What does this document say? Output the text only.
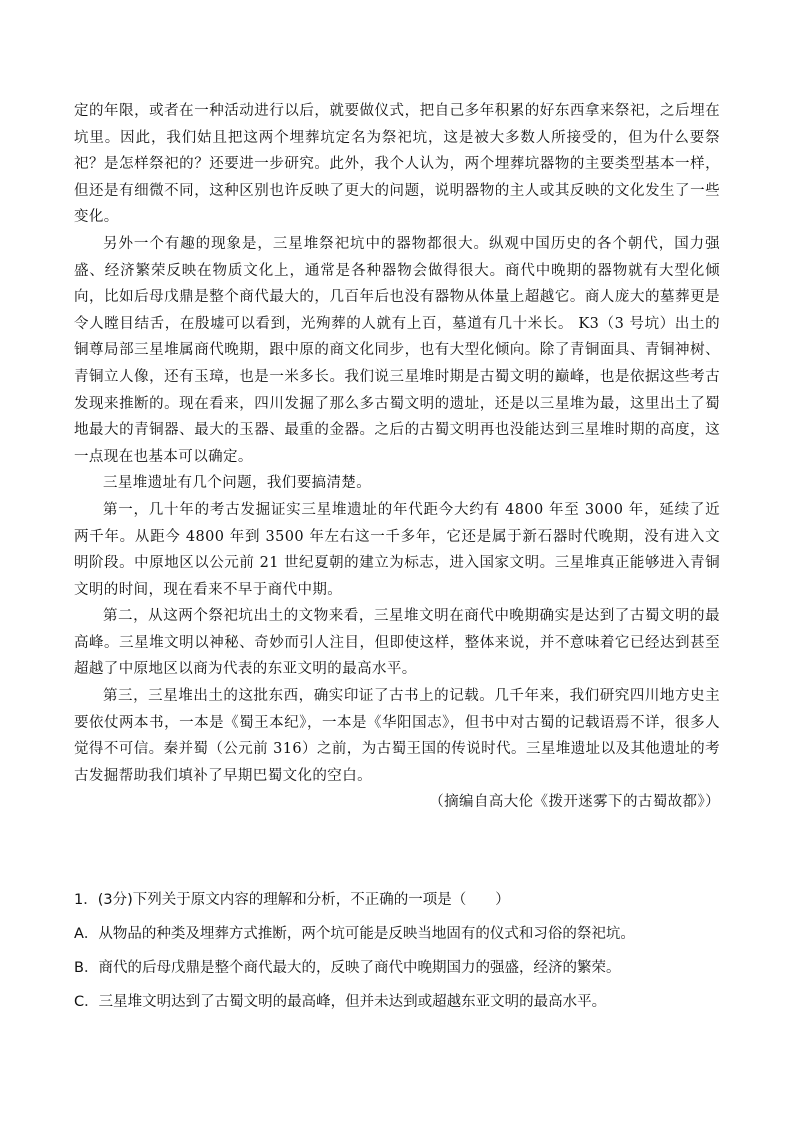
定的年限，或者在一种活动进行以后，就要做仪式，把自己多年积累的好东西拿来祭祀，之后埋在坑里。因此，我们姑且把这两个埋葬坑定名为祭祀坑，这是被大多数人所接受的，但为什么要祭祀？是怎样祭祀的？还要进一步研究。此外，我个人认为，两个埋葬坑器物的主要类型基本一样，但还是有细微不同，这种区别也许反映了更大的问题，说明器物的主人或其反映的文化发生了一些变化。

另外一个有趣的现象是，三星堆祭祀坑中的器物都很大。纵观中国历史的各个朝代，国力强盛、经济繁荣反映在物质文化上，通常是各种器物会做得很大。商代中晚期的器物就有大型化倾向，比如后母戊鼎是整个商代最大的，几百年后也没有器物从体量上超越它。商人庞大的墓葬更是令人瞠目结舌，在殷墟可以看到，光殉葬的人就有上百，墓道有几十米长。 K3（3 号坑）出土的铜尊局部三星堆属商代晚期，跟中原的商文化同步，也有大型化倾向。除了青铜面具、青铜神树、青铜立人像，还有玉璋，也是一米多长。我们说三星堆时期是古蜀文明的巅峰，也是依据这些考古发现来推断的。现在看来，四川发掘了那么多古蜀文明的遗址，还是以三星堆为最，这里出土了蜀地最大的青铜器、最大的玉器、最重的金器。之后的古蜀文明再也没能达到三星堆时期的高度，这一点现在也基本可以确定。

三星堆遗址有几个问题，我们要搞清楚。

第一，几十年的考古发掘证实三星堆遗址的年代距今大约有 4800 年至 3000 年，延续了近两千年。从距今 4800 年到 3500 年左右这一千多年，它还是属于新石器时代晚期，没有进入文明阶段。中原地区以公元前 21 世纪夏朝的建立为标志，进入国家文明。三星堆真正能够进入青铜文明的时间，现在看来不早于商代中期。

第二，从这两个祭祀坑出土的文物来看，三星堆文明在商代中晚期确实是达到了古蜀文明的最高峰。三星堆文明以神秘、奇妙而引人注目，但即使这样，整体来说，并不意味着它已经达到甚至超越了中原地区以商为代表的东亚文明的最高水平。

第三，三星堆出土的这批东西，确实印证了古书上的记载。几千年来，我们研究四川地方史主要依仗两本书，一本是《蜀王本纪》，一本是《华阳国志》，但书中对古蜀的记载语焉不详，很多人觉得不可信。秦并蜀（公元前 316）之前，为古蜀王国的传说时代。三星堆遗址以及其他遗址的考古发掘帮助我们填补了早期巴蜀文化的空白。

（摘编自高大伦《拨开迷雾下的古蜀故都》）

1．(3分)下列关于原文内容的理解和分析，不正确的一项是（　　）

A．从物品的种类及埋葬方式推断，两个坑可能是反映当地固有的仪式和习俗的祭祀坑。

B．商代的后母戊鼎是整个商代最大的，反映了商代中晚期国力的强盛，经济的繁荣。

C．三星堆文明达到了古蜀文明的最高峰，但并未达到或超越东亚文明的最高水平。
